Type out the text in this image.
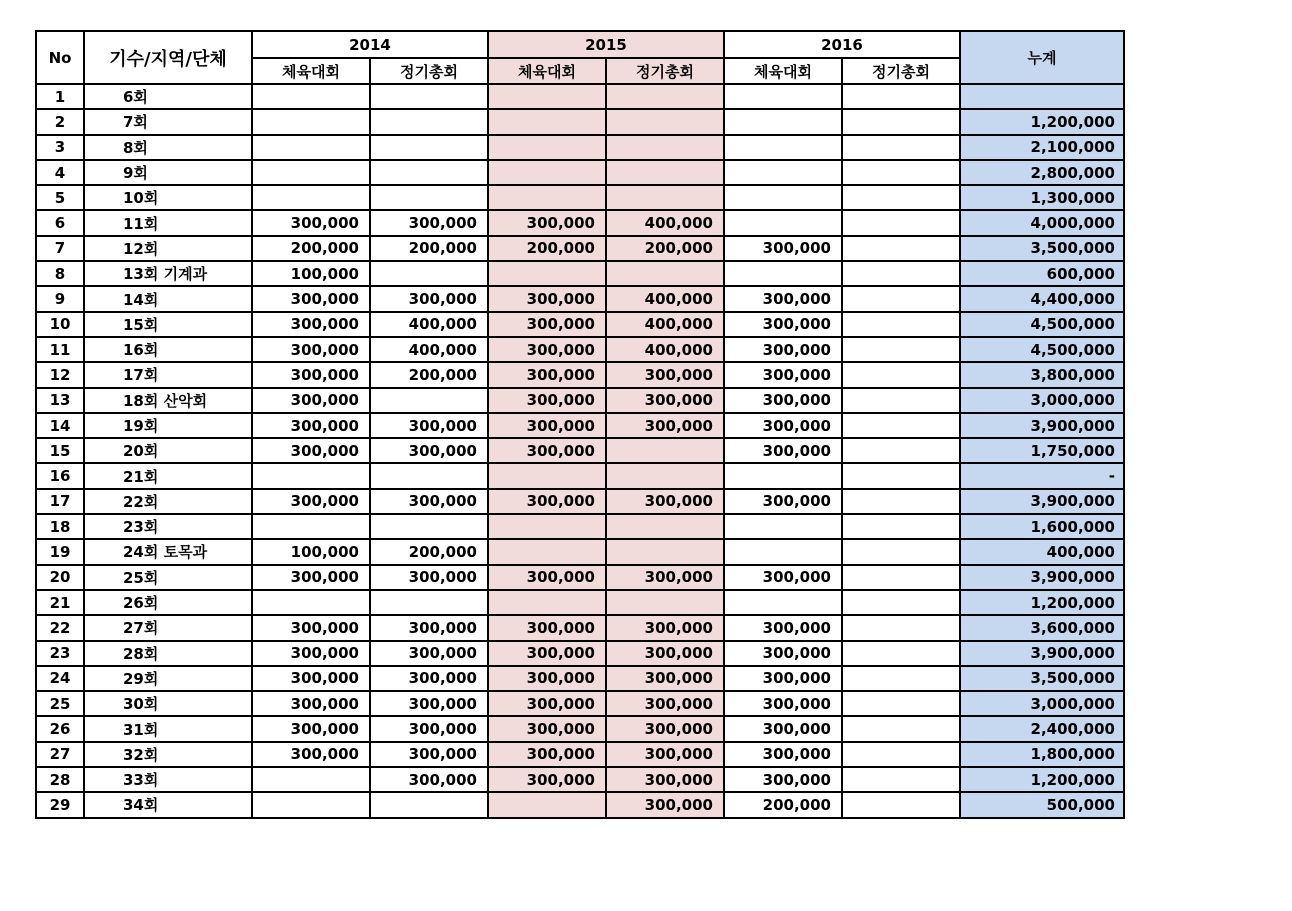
No	기수/지역/단체	2014		2015		2016		누계
		체육대회	정기총회	체육대회	정기총회	체육대회	정기총회	
1	6회							
2	7회							1,200,000
3	8회							2,100,000
4	9회							2,800,000
5	10회							1,300,000
6	11회	300,000	300,000	300,000	400,000			4,000,000
7	12회	200,000	200,000	200,000	200,000	300,000		3,500,000
8	13회 기계과	100,000						600,000
9	14회	300,000	300,000	300,000	400,000	300,000		4,400,000
10	15회	300,000	400,000	300,000	400,000	300,000		4,500,000
11	16회	300,000	400,000	300,000	400,000	300,000		4,500,000
12	17회	300,000	200,000	300,000	300,000	300,000		3,800,000
13	18회 산악회	300,000		300,000	300,000	300,000		3,000,000
14	19회	300,000	300,000	300,000	300,000	300,000		3,900,000
15	20회	300,000	300,000	300,000		300,000		1,750,000
16	21회							-
17	22회	300,000	300,000	300,000	300,000	300,000		3,900,000
18	23회							1,600,000
19	24회 토목과	100,000	200,000					400,000
20	25회	300,000	300,000	300,000	300,000	300,000		3,900,000
21	26회							1,200,000
22	27회	300,000	300,000	300,000	300,000	300,000		3,600,000
23	28회	300,000	300,000	300,000	300,000	300,000		3,900,000
24	29회	300,000	300,000	300,000	300,000	300,000		3,500,000
25	30회	300,000	300,000	300,000	300,000	300,000		3,000,000
26	31회	300,000	300,000	300,000	300,000	300,000		2,400,000
27	32회	300,000	300,000	300,000	300,000	300,000		1,800,000
28	33회		300,000	300,000	300,000	300,000		1,200,000
29	34회				300,000	200,000		500,000
